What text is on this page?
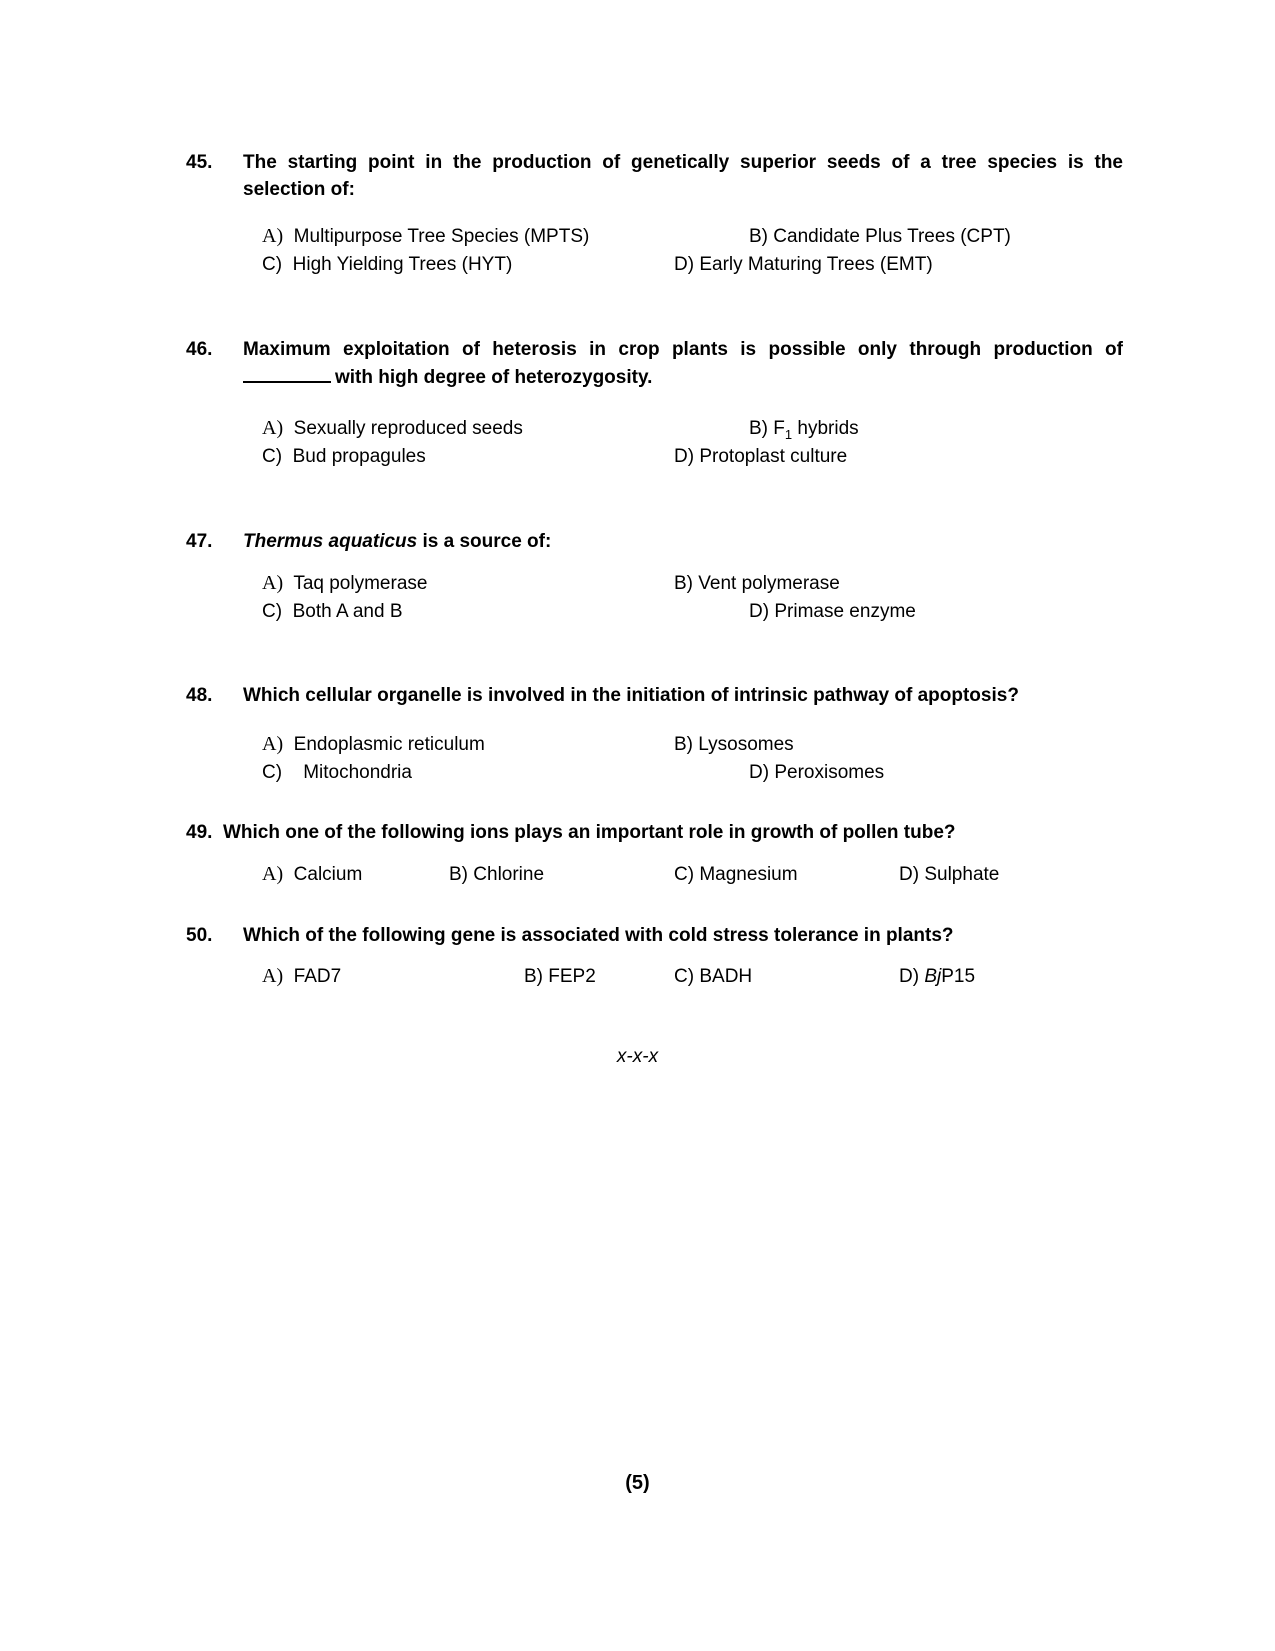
45. The starting point in the production of genetically superior seeds of a tree species is the selection of:
A) Multipurpose Tree Species (MPTS)	B) Candidate Plus Trees (CPT)
C) High Yielding Trees (HYT)	D) Early Maturing Trees (EMT)
46. Maximum exploitation of heterosis in crop plants is possible only through production of
with high degree of heterozygosity.
A) Sexually reproduced seeds	B) $F_1$ hybrids
C) Bud propagules	D) Protoplast culture
47. Thermus aquaticus is a source of:
A) Taq polymerase	B) Vent polymerase
C) Both A and B	D) Primase enzyme
48. Which cellular organelle is involved in the initiation of intrinsic pathway of apoptosis?
A) Endoplasmic reticulum	B) Lysosomes
C) Mitochondria	D) Peroxisomes
49. Which one of the following ions plays an important role in growth of pollen tube?
A) Calcium	B) Chlorine	C) Magnesium	D) Sulphate
50. Which of the following gene is associated with cold stress tolerance in plants?
A) FAD7	B) FEP2	C) BADH	D) BjP15
x-x-x
(5)
